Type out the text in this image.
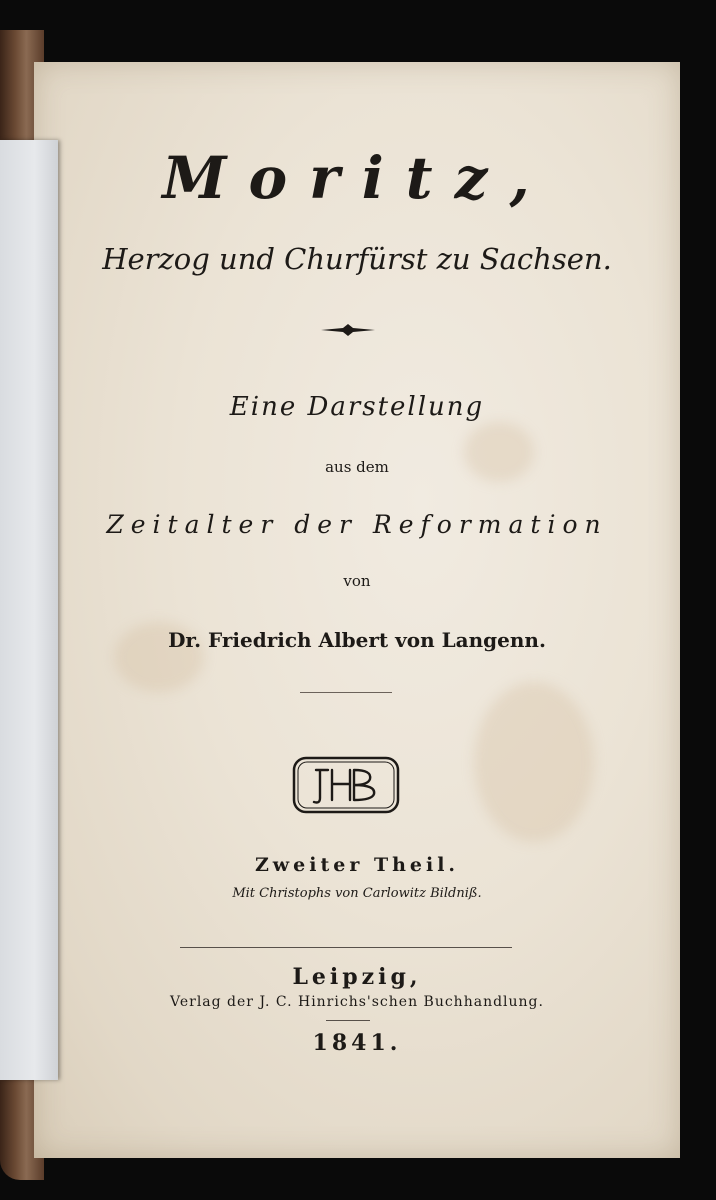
Moritz,
Herzog und Churfürst zu Sachsen.
Eine Darstellung
aus dem
Zeitalter der Reformation
von
Dr. Friedrich Albert von Langenn.
Zweiter Theil.
Mit Christophs von Carlowitz Bildniß.
Leipzig,
Verlag der J. C. Hinrichs'schen Buchhandlung.
1841.
